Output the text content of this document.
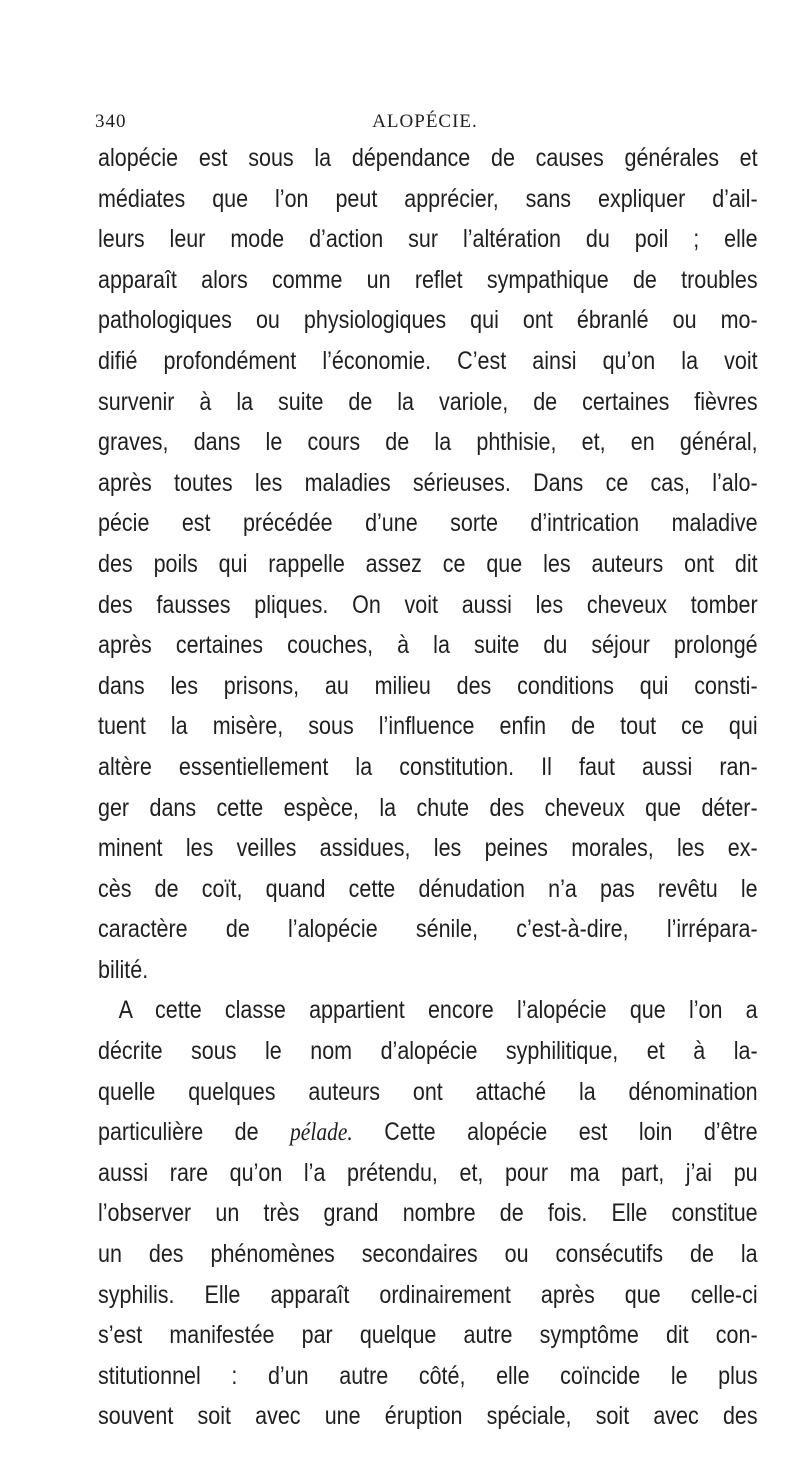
340	ALOPÉCIE.
alopécie est sous la dépendance de causes générales et
médiates que l’on peut apprécier, sans expliquer d’ail-
leurs leur mode d’action sur l’altération du poil ; elle
apparaît alors comme un reflet sympathique de troubles
pathologiques ou physiologiques qui ont ébranlé ou mo-
difié profondément l’économie. C’est ainsi qu’on la voit
survenir à la suite de la variole, de certaines fièvres
graves, dans le cours de la phthisie, et, en général,
après toutes les maladies sérieuses. Dans ce cas, l’alo-
pécie est précédée d’une sorte d’intrication maladive
des poils qui rappelle assez ce que les auteurs ont dit
des fausses pliques. On voit aussi les cheveux tomber
après certaines couches, à la suite du séjour prolongé
dans les prisons, au milieu des conditions qui consti-
tuent la misère, sous l’influence enfin de tout ce qui
altère essentiellement la constitution. Il faut aussi ran-
ger dans cette espèce, la chute des cheveux que déter-
minent les veilles assidues, les peines morales, les ex-
cès de coït, quand cette dénudation n’a pas revêtu le
caractère de l’alopécie sénile, c’est-à-dire, l’irrépara-
bilité.
A cette classe appartient encore l’alopécie que l’on a
décrite sous le nom d’alopécie syphilitique, et à la-
quelle quelques auteurs ont attaché la dénomination
particulière de pélade. Cette alopécie est loin d’être
aussi rare qu’on l’a prétendu, et, pour ma part, j’ai pu
l’observer un très grand nombre de fois. Elle constitue
un des phénomènes secondaires ou consécutifs de la
syphilis. Elle apparaît ordinairement après que celle-ci
s’est manifestée par quelque autre symptôme dit con-
stitutionnel : d’un autre côté, elle coïncide le plus
souvent soit avec une éruption spéciale, soit avec des
